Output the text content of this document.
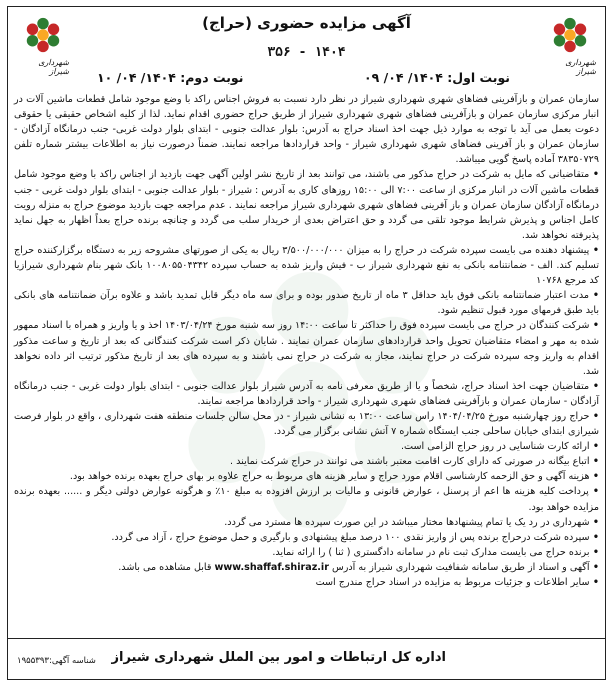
شهرداری شیراز
شهرداری شیراز
آگهی مزایده حضوری (حراج)
۱۴۰۴ - ۳۵۶
نوبت اول: ۱۴۰۴/ ۰۴/ ۰۹
نوبت دوم: ۱۴۰۴/ ۰۴/ ۱۰

سازمان عمران و بازآفرینی فضاهای شهری شهرداری شیراز در نظر دارد نسبت به فروش اجناس راکد با وضع موجود شامل قطعات ماشین آلات در انبار مرکزی سازمان عمران و بازآفرینی فضاهای شهری شهرداری شیراز از طریق حراج حضوری اقدام نماید. لذا از کلیه اشخاص حقیقی یا حقوقی دعوت بعمل می آید با توجه به موارد ذیل جهت اخذ اسناد حراج به آدرس: بلوار عدالت جنوبی - ابتدای بلوار دولت غربی- جنب درمانگاه آزادگان - سازمان عمران و باز آفرینی فضاهای شهری شهرداری شیراز - واحد قراردادها مراجعه نمایند. ضمناً درصورت نیاز به اطلاعات بیشتر شماره تلفن ۳۸۳۵۰۷۲۹ آماده پاسخ گویی میباشد.

• متقاضیانی که مایل به شرکت در حراج مذکور می باشند، می توانند بعد از تاریخ نشر اولین آگهی جهت بازدید از اجناس راکد با وضع موجود شامل قطعات ماشین آلات در انبار مرکزی از ساعت ۷:۰۰ الی ۱۵:۰۰ روزهای کاری به آدرس : شیراز - بلوار عدالت جنوبی - ابتدای بلوار دولت غربی - جنب درمانگاه آزادگان سازمان عمران و باز آفرینی فضاهای شهری شهرداری شیراز مراجعه نمایند . عدم مراجعه جهت بازدید موضوع حراج به منزله رویت کامل اجناس و پذیرش شرایط موجود تلقی می گردد و حق اعتراض بعدی از خریدار سلب می گردد و چنانچه برنده حراج بعداً اظهار به جهل نماید پذیرفته نخواهد شد.

• پیشنهاد دهنده می بایست سپرده شرکت در حراج را به میزان ۳/۵۰۰/۰۰۰/۰۰۰ ریال به یکی از صورتهای مشروحه زیر به دستگاه برگزارکننده حراج تسلیم کند. الف - ضمانتنامه بانکی به نفع شهرداری شیراز ب - فیش واریز شده به حساب سپرده ۱۰۰۸۰۵۵۰۴۳۴۲ بانک شهر بنام شهرداری شیرازیا کد مرجع ۱۰۷۶۸

• مدت اعتبار ضمانتنامه بانکی فوق باید حداقل ۳ ماه از تاریخ صدور بوده و برای سه ماه دیگر قابل تمدید باشد و علاوه برآن ضمانتنامه های بانکی باید طبق فرمهای مورد قبول تنظیم شود.

• شرکت کنندگان در حراج می بایست سپرده فوق را حداکثر تا ساعت ۱۴:۰۰ روز سه شنبه مورخ ۱۴۰۳/۰۴/۲۴ اخذ و یا واریز و همراه با اسناد ممهور شده به مهر و امضاء متقاضیان تحویل واحد قراردادهای سازمان عمران نمایند . شایان ذکر است شرکت کنندگانی که بعد از تاریخ و ساعت مذکور اقدام به واریز وجه سپرده شرکت در حراج نمایند، مجاز به شرکت در حراج نمی باشند و به سپرده های بعد از تاریخ مذکور ترتیب اثر داده نخواهد شد.

• متقاضیان جهت اخذ اسناد حراج، شخصاً و یا از طریق معرفی نامه به آدرس شیراز بلوار عدالت جنوبی - ابتدای بلوار دولت غربی - جنب درمانگاه آزادگان - سازمان عمران و بازآفرینی فضاهای شهری شهرداری شیراز - واحد قراردادها مراجعه نمایند.

• حراج روز چهارشنبه مورخ ۱۴۰۴/۰۴/۲۵ راس ساعت ۱۳:۰۰ به نشانی شیراز - در محل سالن جلسات منطقه هفت شهرداری ، واقع در بلوار فرصت شیرازی ابتدای خیابان ساحلی جنب ایستگاه شماره ۷ آتش نشانی برگزار می گردد.

• ارائه کارت شناسایی در روز حراج الزامی است.

• اتباع بیگانه در صورتی که دارای کارت اقامت معتبر باشند می توانند در حراج شرکت نمایند .

• هزینه آگهی و حق الزحمه کارشناسی اقلام مورد حراج و سایر هزینه های مربوط به حراج علاوه بر بهای حراج بعهده برنده خواهد بود.

• پرداخت کلیه هزینه ها اعم از پرسنل ، عوارض قانونی و مالیات بر ارزش افزوده به مبلغ ۱۰٪ و هرگونه عوارض دولتی دیگر و ...... بعهده برنده مزایده خواهد بود.

• شهرداری در رد یک یا تمام پیشنهادها مختار میباشد در این صورت سپرده ها مسترد می گردد.

• سپرده شرکت درحراج برنده پس از واریز نقدی ۱۰۰ درصد مبلغ پیشنهادی و بارگیری و حمل موضوع حراج ، آزاد می گردد.

• برنده حراج می بایست مدارک ثبت نام در سامانه دادگستری ( ثنا ) را ارائه نماید.

• آگهی و اسناد از طریق سامانه شفافیت شهرداری شیراز به آدرس www.shaffaf.shiraz.ir قابل مشاهده می باشد.

• سایر اطلاعات و جزئیات مربوط به مزایده در اسناد حراج مندرج است

اداره کل ارتباطات و امور بین الملل شهرداری شیراز
شناسه آگهی:۱۹۵۵۳۹۳
